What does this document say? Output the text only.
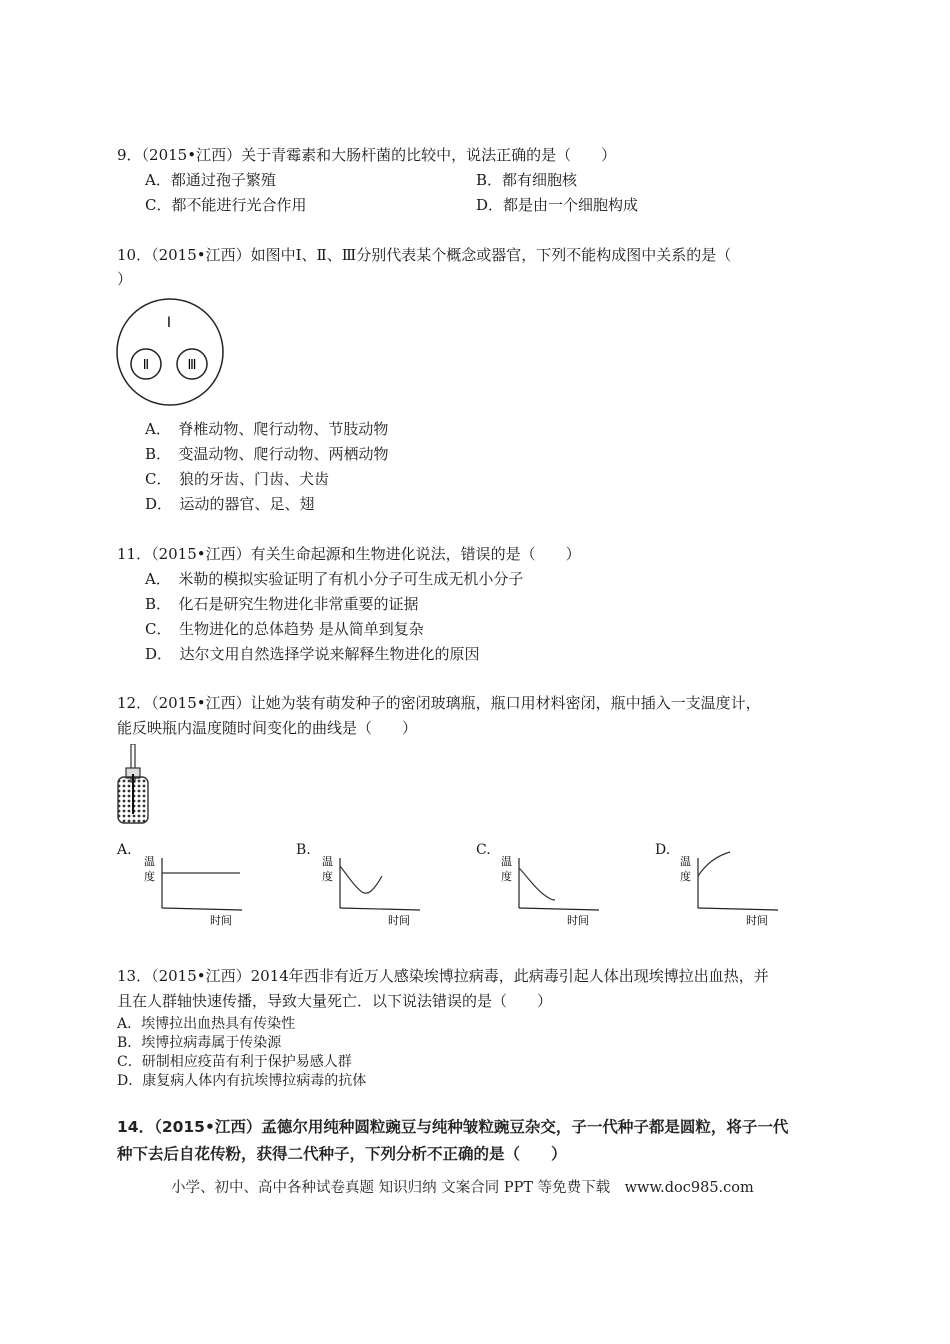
9．（2015•江西）关于青霉素和大肠杆菌的比较中，说法正确的是（　　）
A．都通过孢子繁殖	B．都有细胞核
C．都不能进行光合作用	D．都是由一个细胞构成
10．（2015•江西）如图中Ⅰ、Ⅱ、Ⅲ分别代表某个概念或器官，下列不能构成图中关系的是（
）
Ⅰ
Ⅱ	Ⅲ
A．　脊椎动物、爬行动物、节肢动物
B．　变温动物、爬行动物、两栖动物
C．　狼的牙齿、门齿、犬齿
D．　运动的器官、足、翅
11．（2015•江西）有关生命起源和生物进化说法，错误的是（　　）
A．　米勒的模拟实验证明了有机小分子可生成无机小分子
B．　化石是研究生物进化非常重要的证据
C．　生物进化的总体趋势 是从简单到复杂
D．　达尔文用自然选择学说来解释生物进化的原因
12．（2015•江西）让她为装有萌发种子的密闭玻璃瓶，瓶口用材料密闭，瓶中插入一支温度计，
能反映瓶内温度随时间变化的曲线是（　　）
A.
温
度
时间
B.
温
度
时间
C.
温
度
时间
D.
温
度
时间
13．（2015•江西）2014年西非有近万人感染埃博拉病毒，此病毒引起人体出现埃博拉出血热，并
且在人群轴快速传播，导致大量死亡．以下说法错误的是（　　）
A．埃博拉出血热具有传染性
B．埃博拉病毒属于传染源
C．研制相应疫苗有利于保护易感人群
D．康复病人体内有抗埃博拉病毒的抗体
14．（2015•江西）孟德尔用纯种圆粒豌豆与纯种皱粒豌豆杂交，子一代种子都是圆粒，将子一代
种下去后自花传粉，获得二代种子，下列分析不正确的是（　　）
小学、初中、高中各种试卷真题 知识归纳 文案合同 PPT 等免费下载　www.doc985.com
